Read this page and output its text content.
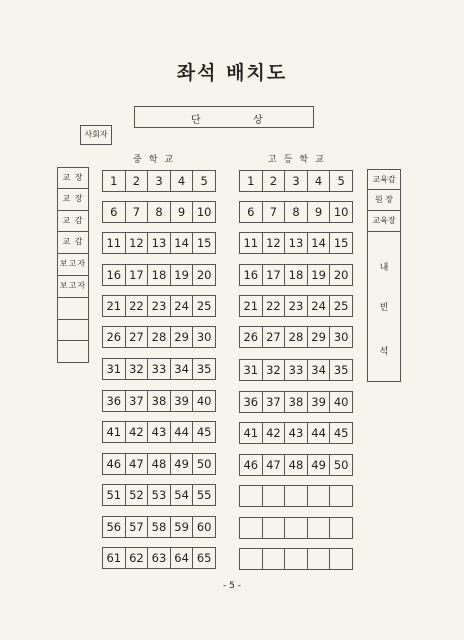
좌석 배치도
단	상
사회자
중학교	고등학교
교 장
교 장
교 감
교 감
보고자
보고자
교육감
원 장
교육장
내
빈
석
1	2	3	4	5
6	7	8	9	10
11 12 13 14 15
16 17 18 19 20
21 22 23 24 25
26 27 28 29 30
31 32 33 34 35
36 37 38 39 40
41 42 43 44 45
46 47 48 49 50
51 52 53 54 55
56 57 58 59 60
61 62 63 64 65
1	2	3	4	5
6	7	8	9	10
11 12 13 14 15
16 17 18 19 20
21 22 23 24 25
26 27 28 29 30
31 32 33 34 35
36 37 38 39 40
41 42 43 44 45
46 47 48 49 50
- 5 -
